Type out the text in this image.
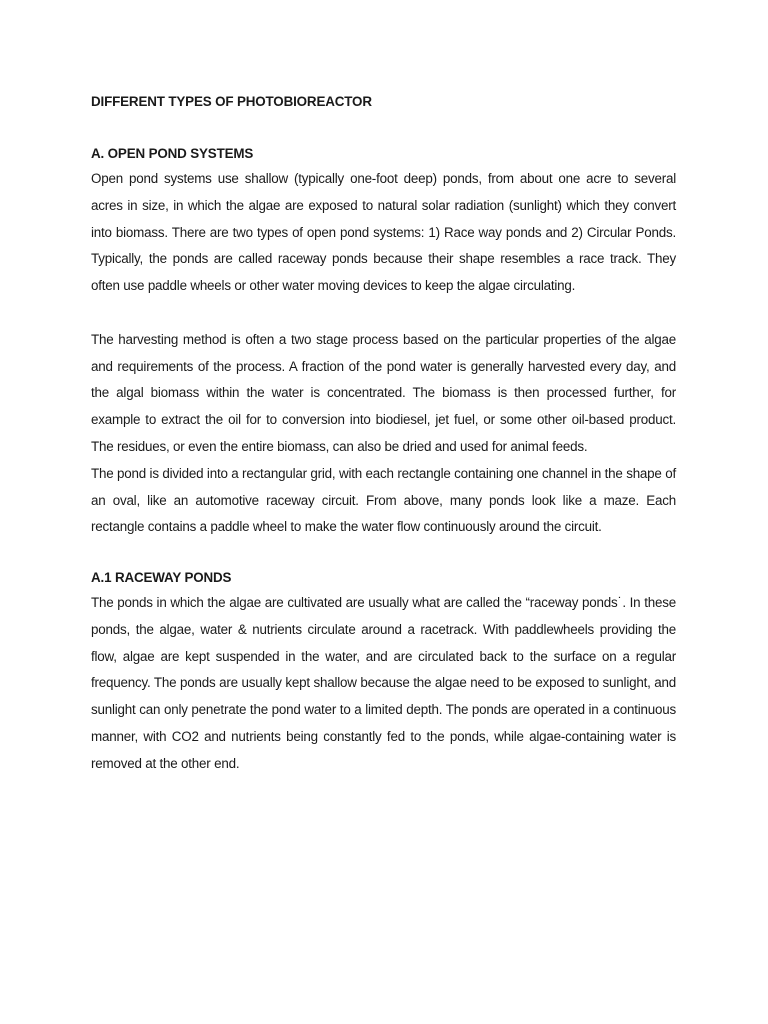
DIFFERENT TYPES OF PHOTOBIOREACTOR
A. OPEN POND SYSTEMS

Open pond systems use shallow (typically one-foot deep) ponds, from about one acre to several acres in size, in which the algae are exposed to natural solar radiation (sunlight) which they convert into biomass. There are two types of open pond systems: 1) Race way ponds and 2) Circular Ponds. Typically, the ponds are called raceway ponds because their shape resembles a race track. They often use paddle wheels or other water moving devices to keep the algae circulating.

The harvesting method is often a two stage process based on the particular properties of the algae and requirements of the process. A fraction of the pond water is generally harvested every day, and the algal biomass within the water is concentrated. The biomass is then processed further, for example to extract the oil for to conversion into biodiesel, jet fuel, or some other oil-based product. The residues, or even the entire biomass, can also be dried and used for animal feeds.

The pond is divided into a rectangular grid, with each rectangle containing one channel in the shape of an oval, like an automotive raceway circuit. From above, many ponds look like a maze. Each rectangle contains a paddle wheel to make the water flow continuously around the circuit.

A.1 RACEWAY PONDS

The ponds in which the algae are cultivated are usually what are called the “raceway ponds˙. In these ponds, the algae, water & nutrients circulate around a racetrack. With paddlewheels providing the flow, algae are kept suspended in the water, and are circulated back to the surface on a regular frequency. The ponds are usually kept shallow because the algae need to be exposed to sunlight, and sunlight can only penetrate the pond water to a limited depth. The ponds are operated in a continuous manner, with CO2 and nutrients being constantly fed to the ponds, while algae-containing water is removed at the other end.
